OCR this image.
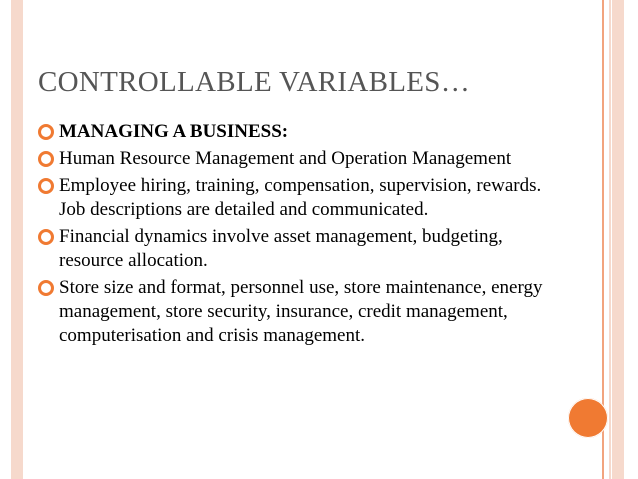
CONTROLLABLE VARIABLES…
MANAGING A BUSINESS:
Human Resource Management and Operation Management
Employee hiring, training, compensation, supervision, rewards. Job descriptions are detailed and communicated.
Financial dynamics involve asset management, budgeting, resource allocation.
Store size and format, personnel use, store maintenance, energy management, store security, insurance, credit management, computerisation and crisis management.
